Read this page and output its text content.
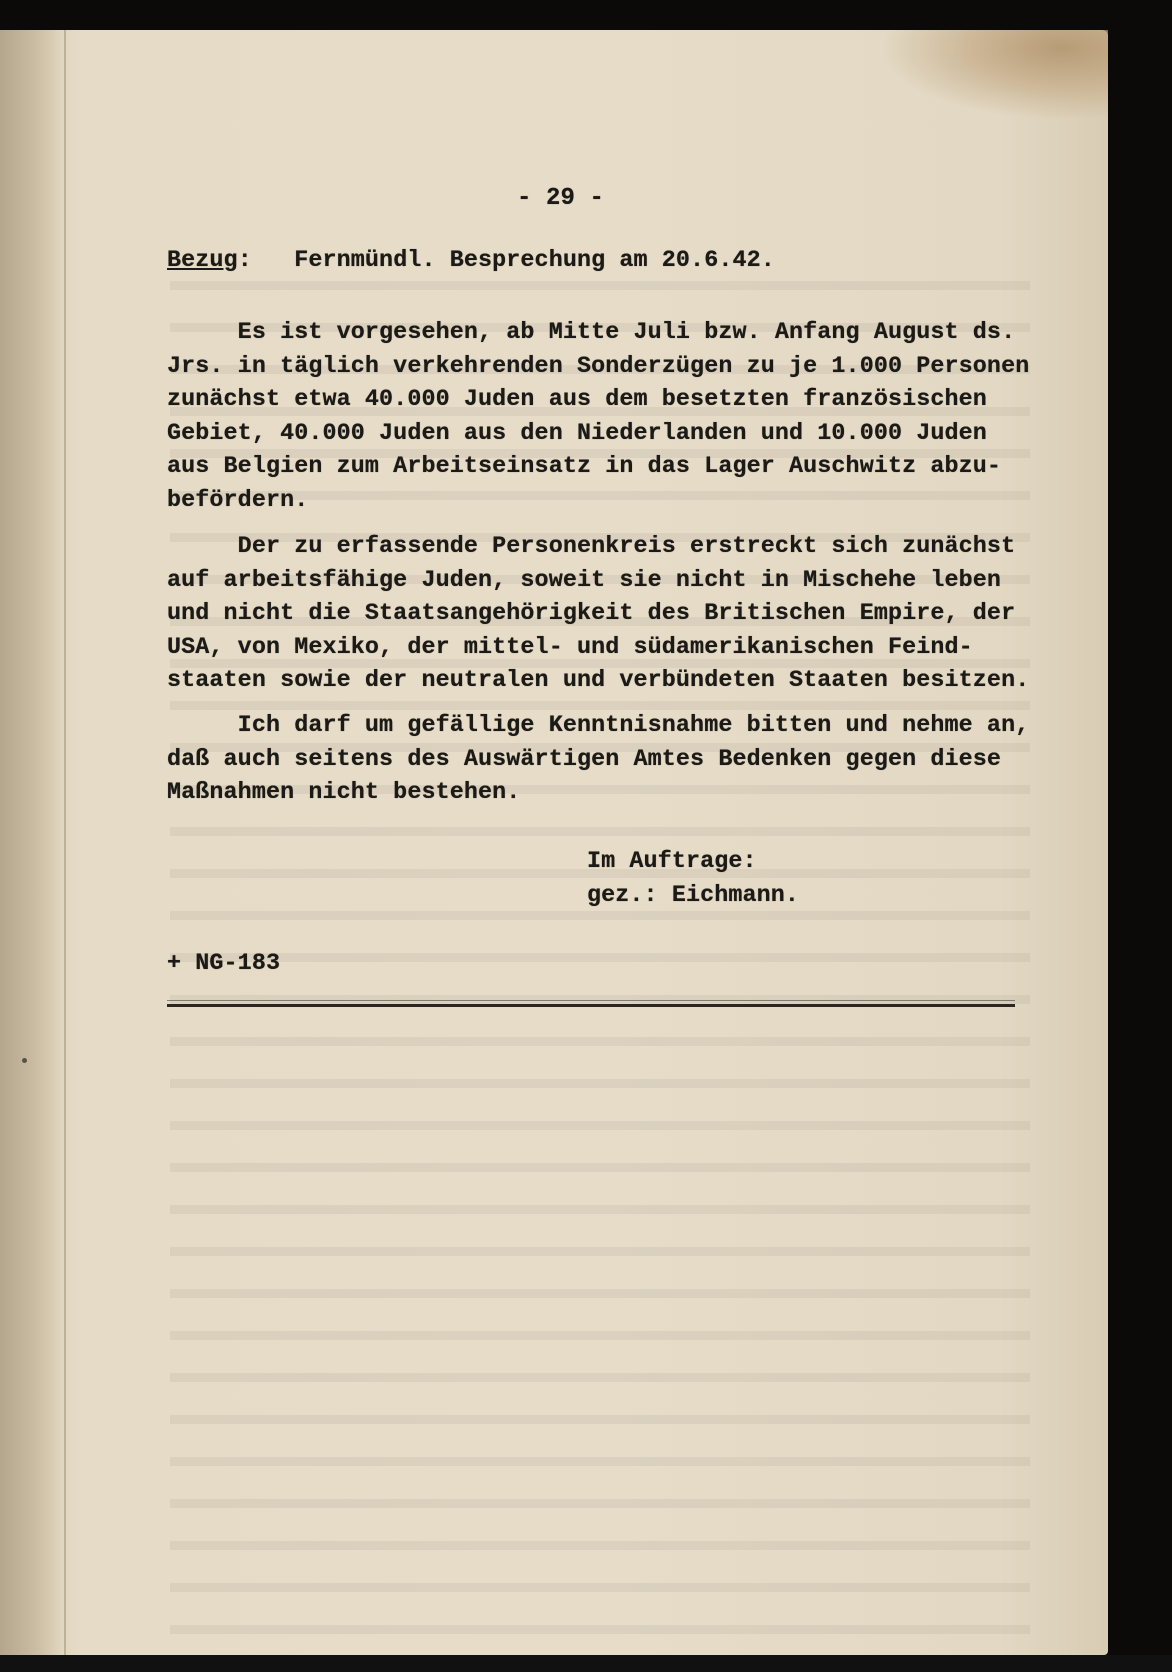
- 29 -
Bezug:   Fernmündl. Besprechung am 20.6.42.
Es ist vorgesehen, ab Mitte Juli bzw. Anfang August ds.
Jrs. in täglich verkehrenden Sonderzügen zu je 1.000 Personen
zunächst etwa 40.000 Juden aus dem besetzten französischen
Gebiet, 40.000 Juden aus den Niederlanden und 10.000 Juden
aus Belgien zum Arbeitseinsatz in das Lager Auschwitz abzu-
befördern.
Der zu erfassende Personenkreis erstreckt sich zunächst
auf arbeitsfähige Juden, soweit sie nicht in Mischehe leben
und nicht die Staatsangehörigkeit des Britischen Empire, der
USA, von Mexiko, der mittel- und südamerikanischen Feind-
staaten sowie der neutralen und verbündeten Staaten besitzen.
Ich darf um gefällige Kenntnisnahme bitten und nehme an,
daß auch seitens des Auswärtigen Amtes Bedenken gegen diese
Maßnahmen nicht bestehen.
Im Auftrage:
gez.: Eichmann.
+ NG-183
